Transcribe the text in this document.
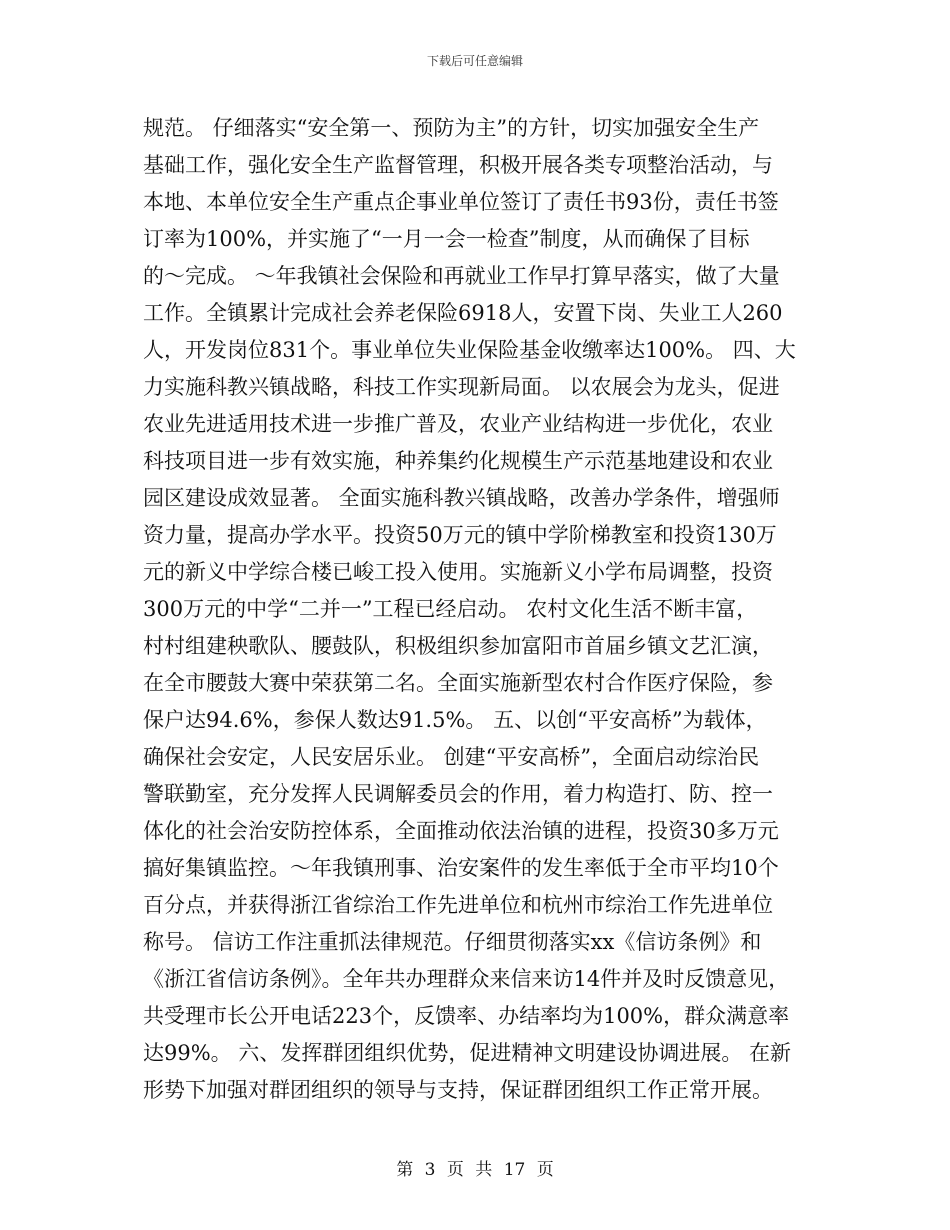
下载后可任意编辑
规范。 仔细落实“安全第一、预防为主”的方针，切实加强安全生产
基础工作，强化安全生产监督管理，积极开展各类专项整治活动，与
本地、本单位安全生产重点企事业单位签订了责任书93份，责任书签
订率为100%，并实施了“一月一会一检查”制度，从而确保了目标
的～完成。 ～年我镇社会保险和再就业工作早打算早落实，做了大量
工作。全镇累计完成社会养老保险6918人，安置下岗、失业工人260
人，开发岗位831个。事业单位失业保险基金收缴率达100%。 四、大
力实施科教兴镇战略，科技工作实现新局面。 以农展会为龙头，促进
农业先进适用技术进一步推广普及，农业产业结构进一步优化，农业
科技项目进一步有效实施，种养集约化规模生产示范基地建设和农业
园区建设成效显著。 全面实施科教兴镇战略，改善办学条件，增强师
资力量，提高办学水平。投资50万元的镇中学阶梯教室和投资130万
元的新义中学综合楼已峻工投入使用。实施新义小学布局调整，投资
300万元的中学“二并一”工程已经启动。 农村文化生活不断丰富，
村村组建秧歌队、腰鼓队，积极组织参加富阳市首届乡镇文艺汇演，
在全市腰鼓大赛中荣获第二名。全面实施新型农村合作医疗保险，参
保户达94.6%，参保人数达91.5%。 五、以创“平安高桥”为载体，
确保社会安定，人民安居乐业。 创建“平安高桥”，全面启动综治民
警联勤室，充分发挥人民调解委员会的作用，着力构造打、防、控一
体化的社会治安防控体系，全面推动依法治镇的进程，投资30多万元
搞好集镇监控。～年我镇刑事、治安案件的发生率低于全市平均10个
百分点，并获得浙江省综治工作先进单位和杭州市综治工作先进单位
称号。 信访工作注重抓法律规范。仔细贯彻落实xx《信访条例》和
《浙江省信访条例》。全年共办理群众来信来访14件并及时反馈意见，
共受理市长公开电话223个，反馈率、办结率均为100%，群众满意率
达99%。 六、发挥群团组织优势，促进精神文明建设协调进展。 在新
形势下加强对群团组织的领导与支持，保证群团组织工作正常开展。
第 3 页 共 17 页
